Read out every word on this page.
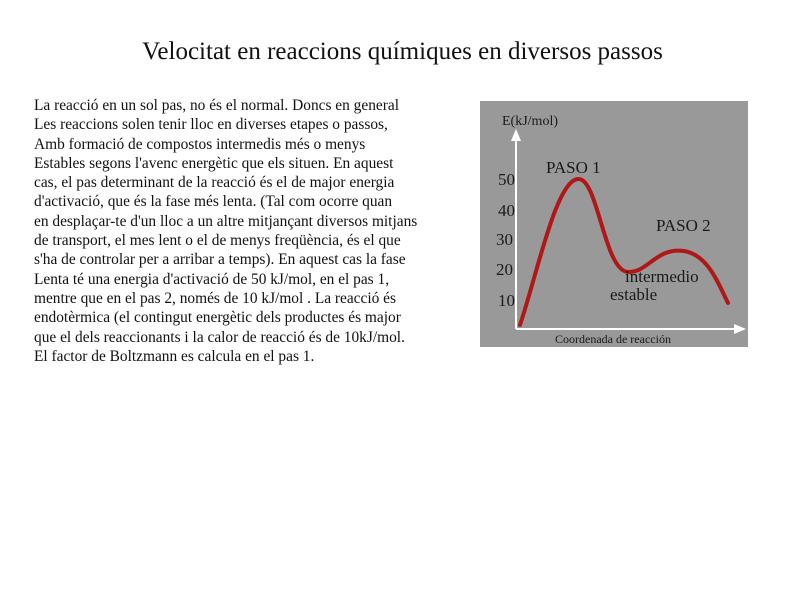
Velocitat en reaccions químiques en diversos passos
La reacció en un sol pas, no és el normal. Doncs en general
Les reaccions solen tenir lloc en diverses etapes o passos,
Amb formació de compostos intermedis més o menys
Estables segons l'avenc energètic que els situen. En aquest
cas, el pas determinant de la reacció és el de major energia
d'activació, que és la fase més lenta. (Tal com ocorre quan
en desplaçar-te d'un lloc a un altre mitjançant diversos mitjans
de transport, el mes lent o el de menys freqüència, és el que
s'ha de controlar per a arribar a temps). En aquest cas la fase
Lenta té una energia d'activació de 50 kJ/mol, en el pas 1,
mentre que en el pas 2, només de 10 kJ/mol . La reacció és
endotèrmica (el contingut energètic dels productes és major
que el dels reaccionants i la calor de reacció és de 10kJ/mol.
El factor de Boltzmann es calcula en el pas 1.
E(kJ/mol)
Coordenada de reacción
50
40
30
20
10
PASO 1
PASO 2
intermedio
estable
